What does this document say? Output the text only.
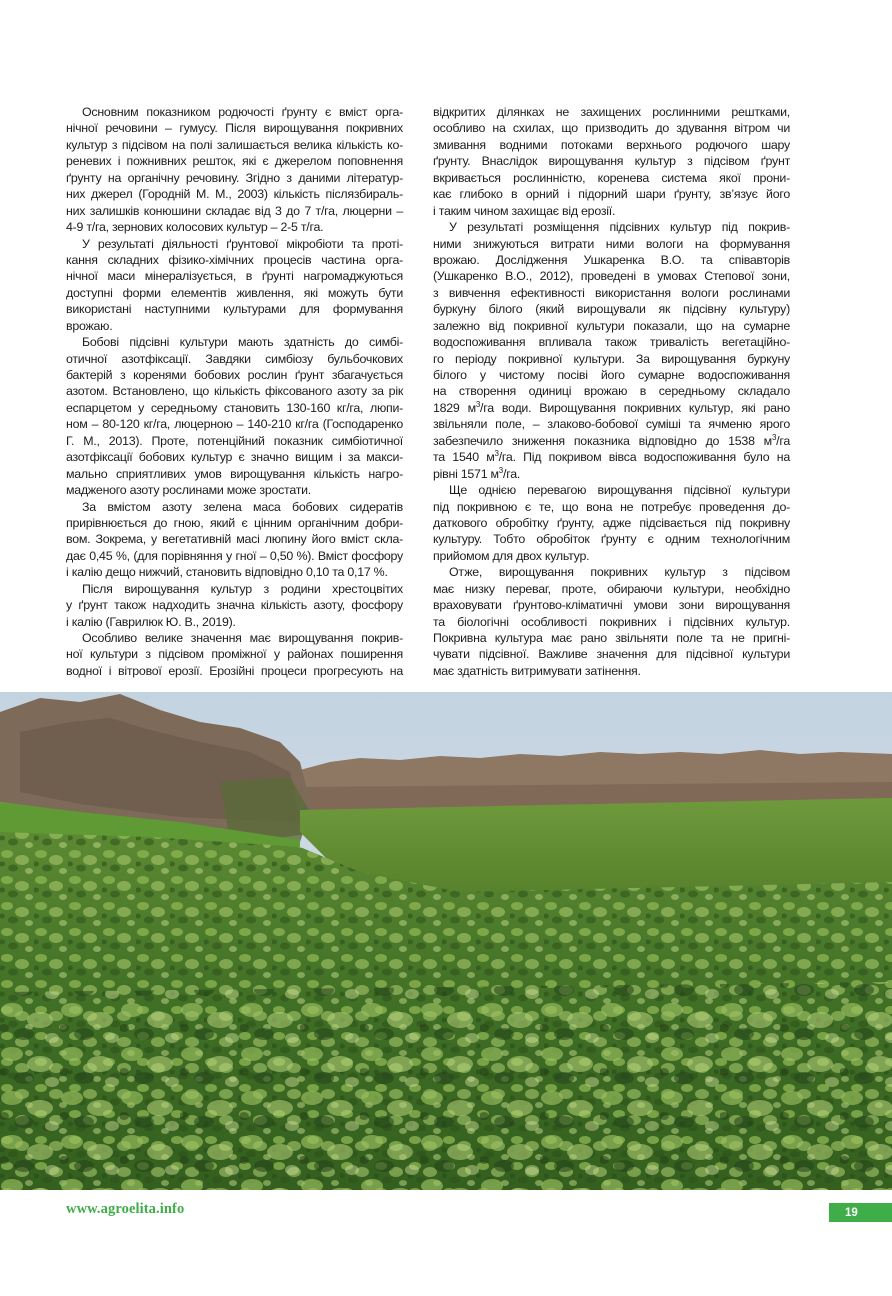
Основним показником родючості ґрунту є вміст орга-
нічної речовини – гумусу. Після вирощування покривних
культур з підсівом на полі залишається велика кількість ко-
реневих і пожнивних решток, які є джерелом поповнення
ґрунту на органічну речовину. Згідно з даними літератур-
них джерел (Городній М. М., 2003) кількість післязбираль-
них залишків конюшини складає від 3 до 7 т/га, люцерни –
4-9 т/га, зернових колосових культур – 2-5 т/га.
У результаті діяльності ґрунтової мікробіоти та проті-
кання складних фізико-хімічних процесів частина орга-
нічної маси мінералізується, в ґрунті нагромаджуються
доступні форми елементів живлення, які можуть бути
використані наступними культурами для формування
врожаю.
Бобові підсівні культури мають здатність до симбі-
отичної азотфіксації. Завдяки симбіозу бульбочкових
бактерій з коренями бобових рослин ґрунт збагачується
азотом. Встановлено, що кількість фіксованого азоту за рік
еспарцетом у середньому становить 130-160 кг/га, люпи-
ном – 80-120 кг/га, люцерною – 140-210 кг/га (Господаренко
Г. М., 2013). Проте, потенційний показник симбіотичної
азотфіксації бобових культур є значно вищим і за макси-
мально сприятливих умов вирощування кількість нагро-
мадженого азоту рослинами може зростати.
За вмістом азоту зелена маса бобових сидератів
прирівнюється до гною, який є цінним органічним добри-
вом. Зокрема, у вегетативній масі люпину його вміст скла-
дає 0,45 %, (для порівняння у гної – 0,50 %). Вміст фосфору
і калію дещо нижчий, становить відповідно 0,10 та 0,17 %.
Після вирощування культур з родини хрестоцвітих
у ґрунт також надходить значна кількість азоту, фосфору
і калію (Гаврилюк Ю. В., 2019).
Особливо велике значення має вирощування покрив-
ної культури з підсівом проміжної у районах поширення
водної і вітрової ерозії. Ерозійні процеси прогресують на
відкритих ділянках не захищених рослинними рештками,
особливо на схилах, що призводить до здування вітром чи
змивання водними потоками верхнього родючого шару
ґрунту. Внаслідок вирощування культур з підсівом ґрунт
вкривається рослинністю, коренева система якої прони-
кає глибоко в орний і підорний шари ґрунту, зв’язує його
і таким чином захищає від ерозії.
У результаті розміщення підсівних культур під покрив-
ними знижуються витрати ними вологи на формування
врожаю. Дослідження Ушкаренка В.О. та співавторів
(Ушкаренко В.О., 2012), проведені в умовах Степової зони,
з вивчення ефективності використання вологи рослинами
буркуну білого (який вирощували як підсівну культуру)
залежно від покривної культури показали, що на сумарне
водоспоживання впливала також тривалість вегетаційно-
го періоду покривної культури. За вирощування буркуну
білого у чистому посіві його сумарне водоспоживання
на створення одиниці врожаю в середньому складало
1829 $м^3/га$ води. Вирощування покривних культур, які рано
звільняли поле, – злаково-бобової суміші та ячменю ярого
забезпечило зниження показника відповідно до 1538 $м^3/га$
та 1540 $м^3/га$. Під покривом вівса водоспоживання було на
рівні 1571 $м^3/га$.
Ще однією перевагою вирощування підсівної культури
під покривною є те, що вона не потребує проведення до-
даткового обробітку ґрунту, адже підсівається під покривну
культуру. Тобто обробіток ґрунту є одним технологічним
прийомом для двох культур.
Отже, вирощування покривних культур з підсівом
має низку переваг, проте, обираючи культури, необхідно
враховувати ґрунтово-кліматичні умови зони вирощування
та біологічні особливості покривних і підсівних культур.
Покривна культура має рано звільняти поле та не пригні-
чувати підсівної. Важливе значення для підсівної культури
має здатність витримувати затінення.
www.agroelita.info	19
